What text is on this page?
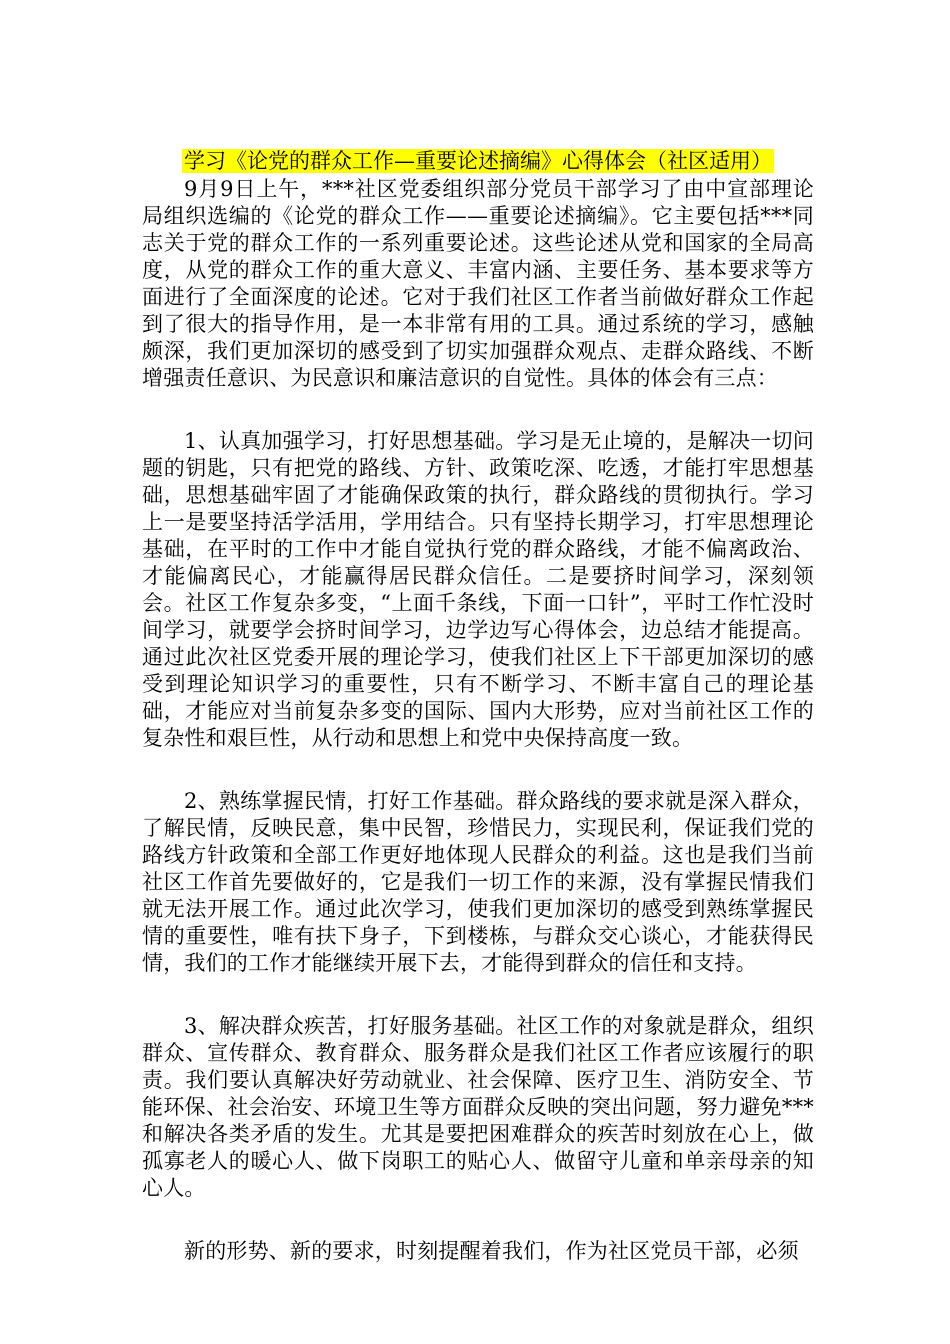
学习《论党的群众工作—重要论述摘编》心得体会（社区适用）

9月9日上午，***社区党委组织部分党员干部学习了由中宣部理论局组织选编的《论党的群众工作——重要论述摘编》。它主要包括***同志关于党的群众工作的一系列重要论述。这些论述从党和国家的全局高度，从党的群众工作的重大意义、丰富内涵、主要任务、基本要求等方面进行了全面深度的论述。它对于我们社区工作者当前做好群众工作起到了很大的指导作用，是一本非常有用的工具。通过系统的学习，感触颇深，我们更加深切的感受到了切实加强群众观点、走群众路线、不断增强责任意识、为民意识和廉洁意识的自觉性。具体的体会有三点：

1、认真加强学习，打好思想基础。学习是无止境的，是解决一切问题的钥匙，只有把党的路线、方针、政策吃深、吃透，才能打牢思想基础，思想基础牢固了才能确保政策的执行，群众路线的贯彻执行。学习上一是要坚持活学活用，学用结合。只有坚持长期学习，打牢思想理论基础，在平时的工作中才能自觉执行党的群众路线，才能不偏离政治、才能偏离民心，才能赢得居民群众信任。二是要挤时间学习，深刻领会。社区工作复杂多变，“上面千条线，下面一口针”，平时工作忙没时间学习，就要学会挤时间学习，边学边写心得体会，边总结才能提高。通过此次社区党委开展的理论学习，使我们社区上下干部更加深切的感受到理论知识学习的重要性，只有不断学习、不断丰富自己的理论基础，才能应对当前复杂多变的国际、国内大形势，应对当前社区工作的复杂性和艰巨性，从行动和思想上和党中央保持高度一致。

2、熟练掌握民情，打好工作基础。群众路线的要求就是深入群众，了解民情，反映民意，集中民智，珍惜民力，实现民利，保证我们党的路线方针政策和全部工作更好地体现人民群众的利益。这也是我们当前社区工作首先要做好的，它是我们一切工作的来源，没有掌握民情我们就无法开展工作。通过此次学习，使我们更加深切的感受到熟练掌握民情的重要性，唯有扶下身子，下到楼栋，与群众交心谈心，才能获得民情，我们的工作才能继续开展下去，才能得到群众的信任和支持。

3、解决群众疾苦，打好服务基础。社区工作的对象就是群众，组织群众、宣传群众、教育群众、服务群众是我们社区工作者应该履行的职责。我们要认真解决好劳动就业、社会保障、医疗卫生、消防安全、节能环保、社会治安、环境卫生等方面群众反映的突出问题，努力避免***和解决各类矛盾的发生。尤其是要把困难群众的疾苦时刻放在心上，做孤寡老人的暖心人、做下岗职工的贴心人、做留守儿童和单亲母亲的知心人。

新的形势、新的要求，时刻提醒着我们，作为社区党员干部，必须
